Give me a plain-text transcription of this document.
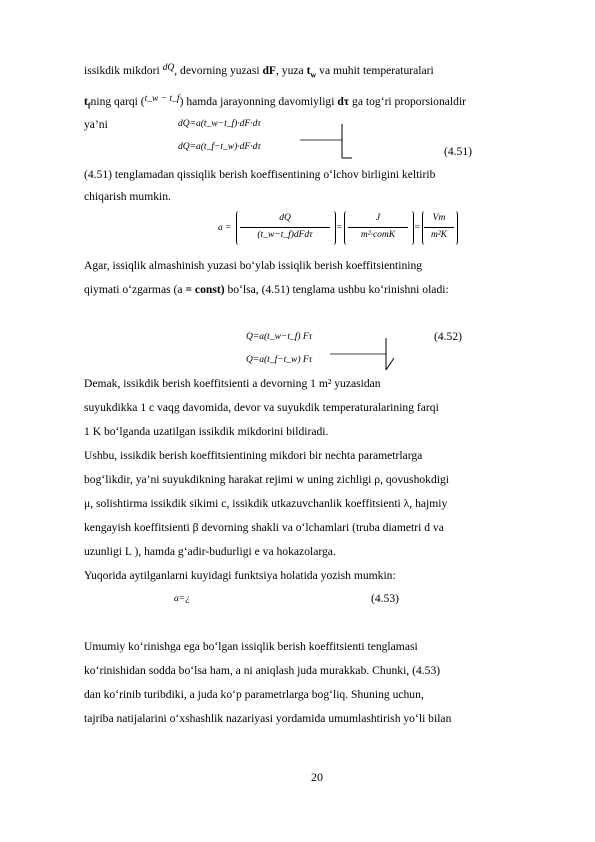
issikdik mikdori $^{dQ}$, devorning yuzasi dF, yuza $t_w$ va muhit temperaturalari
$t_fning$ qarqi ($^{t\_w - t\_f}$) hamda jarayonning davomiyligi dτ ga tog‘ri proporsionaldir
ya’ni	dQ=a(t_w−t_f)·dF·dτ
dQ=a(t_f−t_w)·dF·dτ	(4.51)
(4.51) tenglamadan qissiqlik berish koeffisentining o‘lchov birligini keltirib
chiqarish mumkin.
a =
dQ
(t_w−t_f)dFdτ
=
J
m²·comK
=
Vm
m²K
Agar, issiqlik almashinish yuzasi bo‘ylab issiqlik berish koeffitsientining
qiymati o‘zgarmas (a = const) bo‘lsa, (4.51) tenglama ushbu ko‘rinishni oladi:
Q=a(t_w−t_f) Fτ
Q=a(t_f−t_w) Fτ
(4.52)
Demak, issikdik berish koeffitsienti a devorning 1 m² yuzasidan
suyukdikka 1 c vaqg davomida, devor va suyukdik temperaturalarining farqi
1 K bo‘lganda uzatilgan issikdik mikdorini bildiradi.
Ushbu, issikdik berish koeffitsientining mikdori bir nechta parametrlarga
bog‘likdir, ya’ni suyukdikning harakat rejimi w uning zichligi ρ, qovushokdigi
μ, solishtirma issikdik sikimi c, issikdik utkazuvchanlik koeffitsienti λ, hajmiy
kengayish koeffitsienti β devorning shakli va o‘lchamlari (truba diametri d va
uzunligi L ), hamda g‘adir-budurligi e va hokazolarga.
Yuqorida aytilganlarni kuyidagi funktsiya holatida yozish mumkin:
a=¿	(4.53)
Umumiy ko‘rinishga ega bo‘lgan issiqlik berish koeffitsienti tenglamasi
ko‘rinishidan sodda bo‘lsa ham, a ni aniqlash juda murakkab. Chunki, (4.53)
dan ko‘rinib turibdiki, a juda ko‘p parametrlarga bog‘liq. Shuning uchun,
tajriba natijalarini o‘xshashlik nazariyasi yordamida umumlashtirish yo‘li bilan
20
